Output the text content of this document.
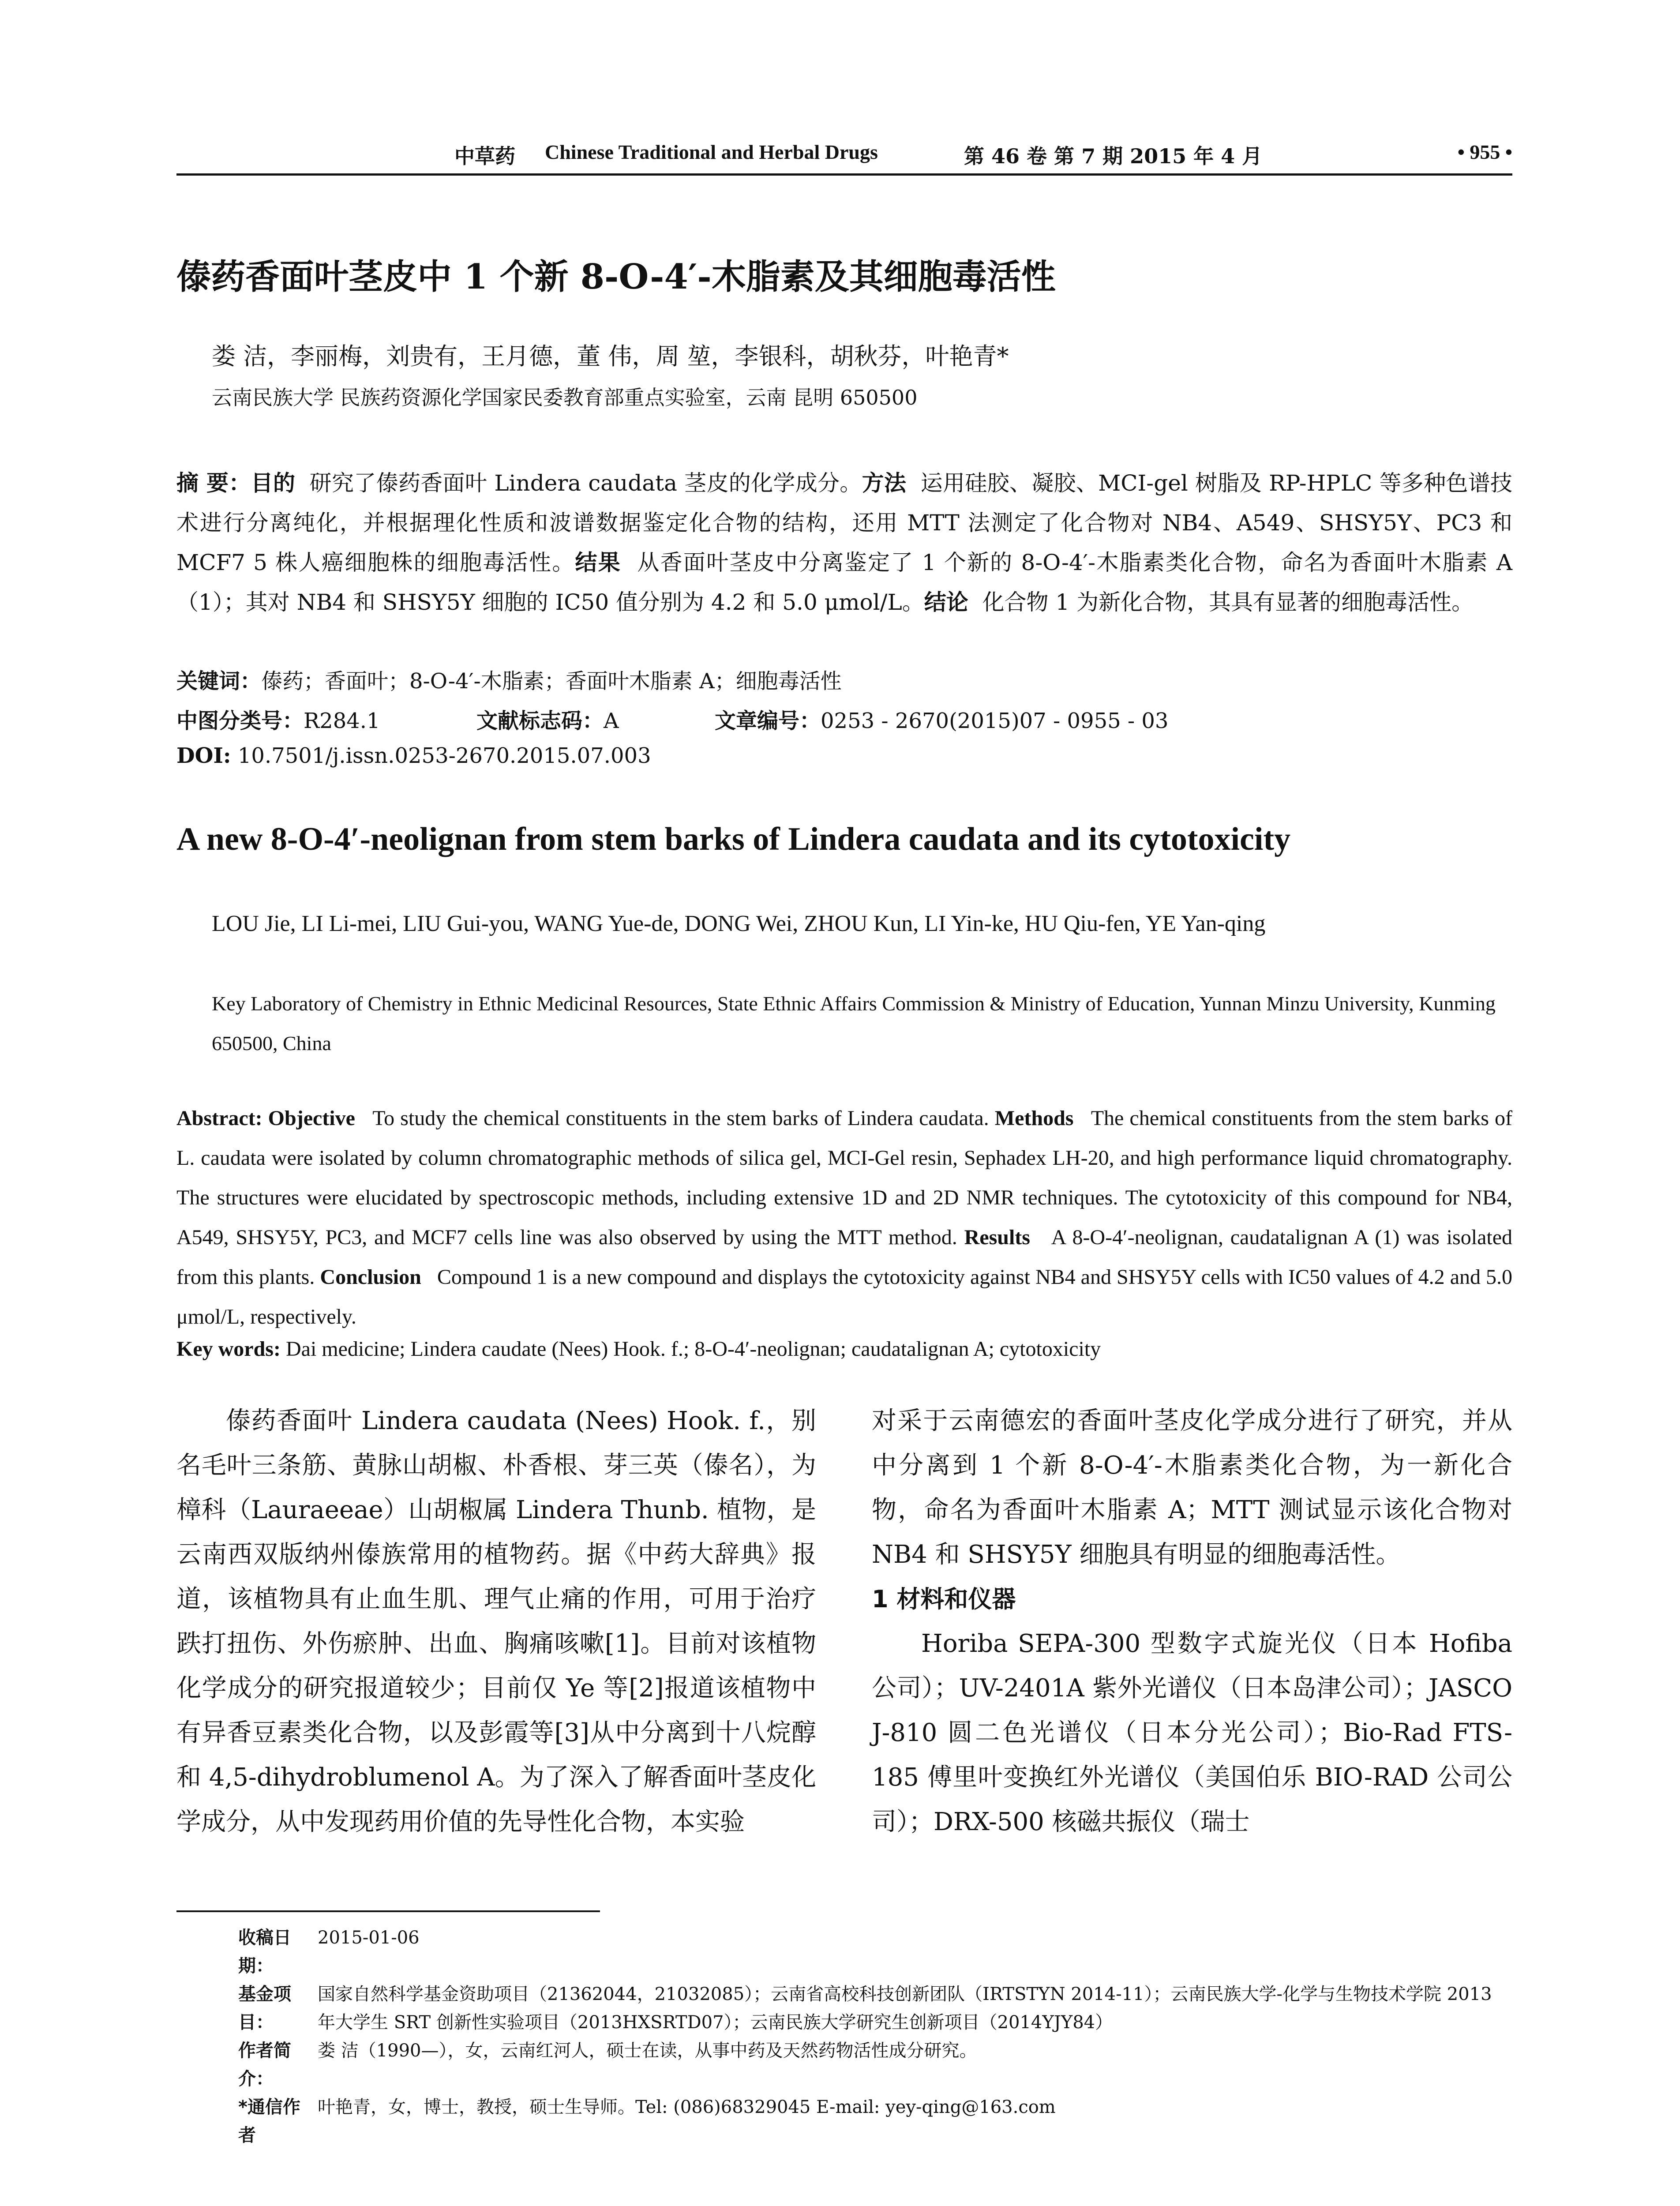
中草药 Chinese Traditional and Herbal Drugs	第 46 卷 第 7 期 2015 年 4 月	• 955 •
傣药香面叶茎皮中 1 个新 8-O-4′-木脂素及其细胞毒活性
娄 洁，李丽梅，刘贵有，王月德，董 伟，周 堃，李银科，胡秋芬，叶艳青*
云南民族大学 民族药资源化学国家民委教育部重点实验室，云南 昆明 650500
摘 要：目的 研究了傣药香面叶 Lindera caudata 茎皮的化学成分。方法 运用硅胶、凝胶、MCI-gel 树脂及 RP-HPLC 等多种色谱技术进行分离纯化，并根据理化性质和波谱数据鉴定化合物的结构，还用 MTT 法测定了化合物对 NB4、A549、SHSY5Y、PC3 和 MCF7 5 株人癌细胞株的细胞毒活性。结果 从香面叶茎皮中分离鉴定了 1 个新的 8-O-4′-木脂素类化合物，命名为香面叶木脂素 A（1）；其对 NB4 和 SHSY5Y 细胞的 IC50 值分别为 4.2 和 5.0 μmol/L。结论 化合物 1 为新化合物，其具有显著的细胞毒活性。
关键词：傣药；香面叶；8-O-4′-木脂素；香面叶木脂素 A；细胞毒活性
中图分类号：R284.1	文献标志码：A	文章编号：0253 - 2670(2015)07 - 0955 - 03
DOI: 10.7501/j.issn.0253-2670.2015.07.003
A new 8-O-4′-neolignan from stem barks of Lindera caudata and its cytotoxicity
LOU Jie, LI Li-mei, LIU Gui-you, WANG Yue-de, DONG Wei, ZHOU Kun, LI Yin-ke, HU Qiu-fen, YE Yan-qing
Key Laboratory of Chemistry in Ethnic Medicinal Resources, State Ethnic Affairs Commission & Ministry of Education, Yunnan Minzu University, Kunming 650500, China
Abstract: Objective To study the chemical constituents in the stem barks of Lindera caudata. Methods The chemical constituents from the stem barks of L. caudata were isolated by column chromatographic methods of silica gel, MCI-Gel resin, Sephadex LH-20, and high performance liquid chromatography. The structures were elucidated by spectroscopic methods, including extensive 1D and 2D NMR techniques. The cytotoxicity of this compound for NB4, A549, SHSY5Y, PC3, and MCF7 cells line was also observed by using the MTT method. Results A 8-O-4′-neolignan, caudatalignan A (1) was isolated from this plants. Conclusion Compound 1 is a new compound and displays the cytotoxicity against NB4 and SHSY5Y cells with IC50 values of 4.2 and 5.0 μmol/L, respectively.
Key words: Dai medicine; Lindera caudate (Nees) Hook. f.; 8-O-4′-neolignan; caudatalignan A; cytotoxicity
傣药香面叶 Lindera caudata (Nees) Hook. f.，别名毛叶三条筋、黄脉山胡椒、朴香根、芽三英（傣名），为樟科（Lauraeeae）山胡椒属 Lindera Thunb. 植物，是云南西双版纳州傣族常用的植物药。据《中药大辞典》报道，该植物具有止血生肌、理气止痛的作用，可用于治疗跌打扭伤、外伤瘀肿、出血、胸痛咳嗽[1]。目前对该植物化学成分的研究报道较少；目前仅 Ye 等[2]报道该植物中有异香豆素类化合物，以及彭霞等[3]从中分离到十八烷醇和 4,5-dihydroblumenol A。为了深入了解香面叶茎皮化学成分，从中发现药用价值的先导性化合物，本实验

对采于云南德宏的香面叶茎皮化学成分进行了研究，并从中分离到 1 个新 8-O-4′-木脂素类化合物，为一新化合物，命名为香面叶木脂素 A；MTT 测试显示该化合物对 NB4 和 SHSY5Y 细胞具有明显的细胞毒活性。

1 材料和仪器

Horiba SEPA-300 型数字式旋光仪（日本 Hofiba 公司）；UV-2401A 紫外光谱仪（日本岛津公司）；JASCO J-810 圆二色光谱仪（日本分光公司）；Bio-Rad FTS-185 傅里叶变换红外光谱仪（美国伯乐 BIO-RAD 公司公司）；DRX-500 核磁共振仪（瑞士

收稿日期：
2015-01-06
基金项目：
国家自然科学基金资助项目（21362044，21032085）；云南省高校科技创新团队（IRTSTYN 2014-11）；云南民族大学-化学与生物技术学院 2013 年大学生 SRT 创新性实验项目（2013HXSRTD07）；云南民族大学研究生创新项目（2014YJY84）
作者简介：
娄 洁（1990—），女，云南红河人，硕士在读，从事中药及天然药物活性成分研究。
*通信作者
叶艳青，女，博士，教授，硕士生导师。Tel: (086)68329045 E-mail: yey-qing@163.com
